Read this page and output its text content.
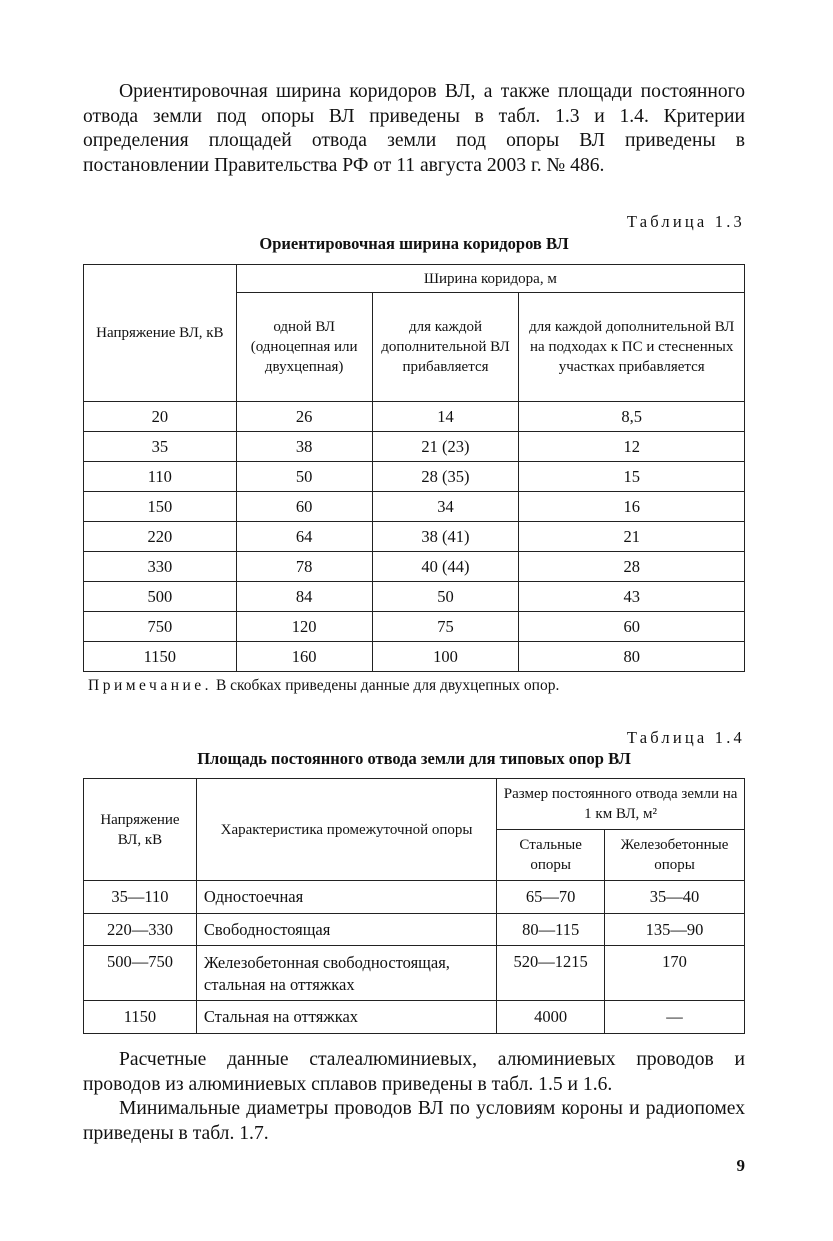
Ориентировочная ширина коридоров ВЛ, а также площади постоянного отвода земли под опоры ВЛ приведены в табл. 1.3 и 1.4. Критерии определения площадей отвода земли под опоры ВЛ приведены в постановлении Правительства РФ от 11 августа 2003 г. № 486.

Таблица 1.3

Ориентировочная ширина коридоров ВЛ

Напряжение ВЛ, кВ	Ширина коридора, м		
	одной ВЛ (одноцепная или двухцепная)	для каждой дополнительной ВЛ прибавляется	для каждой дополнительной ВЛ на подходах к ПС и стесненных участках прибавляется
20	26	14	8,5
35	38	21 (23)	12
110	50	28 (35)	15
150	60	34	16
220	64	38 (41)	21
330	78	40 (44)	28
500	84	50	43
750	120	75	60
1150	160	100	80

Примечание. В скобках приведены данные для двухцепных опор.

Таблица 1.4

Площадь постоянного отвода земли для типовых опор ВЛ

Напряжение ВЛ, кВ	Характеристика промежуточной опоры	Размер постоянного отвода земли на 1 км ВЛ, м²	
		Стальные опоры	Железобетонные опоры
35—110	Одностоечная	65—70	35—40
220—330	Свободностоящая	80—115	135—90
500—750	Железобетонная свободностоящая, стальная на оттяжках	520—1215	170
1150	Стальная на оттяжках	4000	—

Расчетные данные сталеалюминиевых, алюминиевых проводов и проводов из алюминиевых сплавов приведены в табл. 1.5 и 1.6.

Минимальные диаметры проводов ВЛ по условиям короны и радиопомех приведены в табл. 1.7.

9
